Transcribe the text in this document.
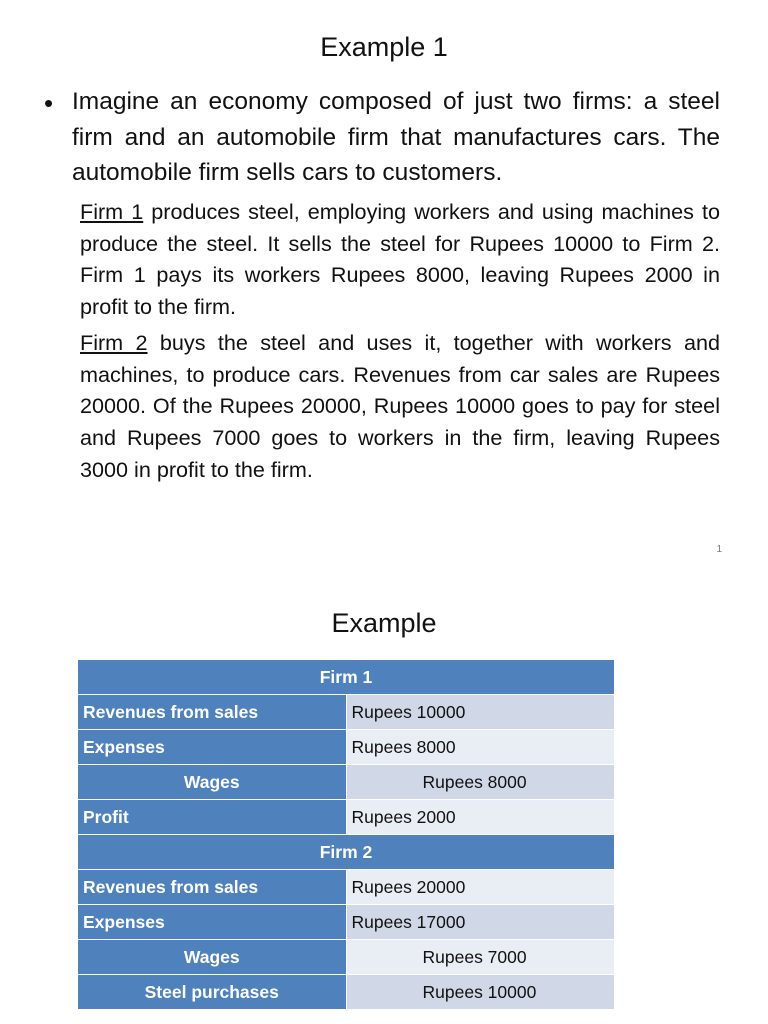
Example 1
• Imagine an economy composed of just two firms: a steel firm and an automobile firm that manufactures cars. The automobile firm sells cars to customers.

Firm 1 produces steel, employing workers and using machines to produce the steel. It sells the steel for Rupees 10000 to Firm 2. Firm 1 pays its workers Rupees 8000, leaving Rupees 2000 in profit to the firm.

Firm 2 buys the steel and uses it, together with workers and machines, to produce cars. Revenues from car sales are Rupees 20000. Of the Rupees 20000, Rupees 10000 goes to pay for steel and Rupees 7000 goes to workers in the firm, leaving Rupees 3000 in profit to the firm.

1
Example
Firm 1	
Revenues from sales	Rupees 10000
Expenses	Rupees 8000
Wages	Rupees 8000
Profit	Rupees 2000
Firm 2	
Revenues from sales	Rupees 20000
Expenses	Rupees 17000
Wages	Rupees 7000
Steel purchases	Rupees 10000
